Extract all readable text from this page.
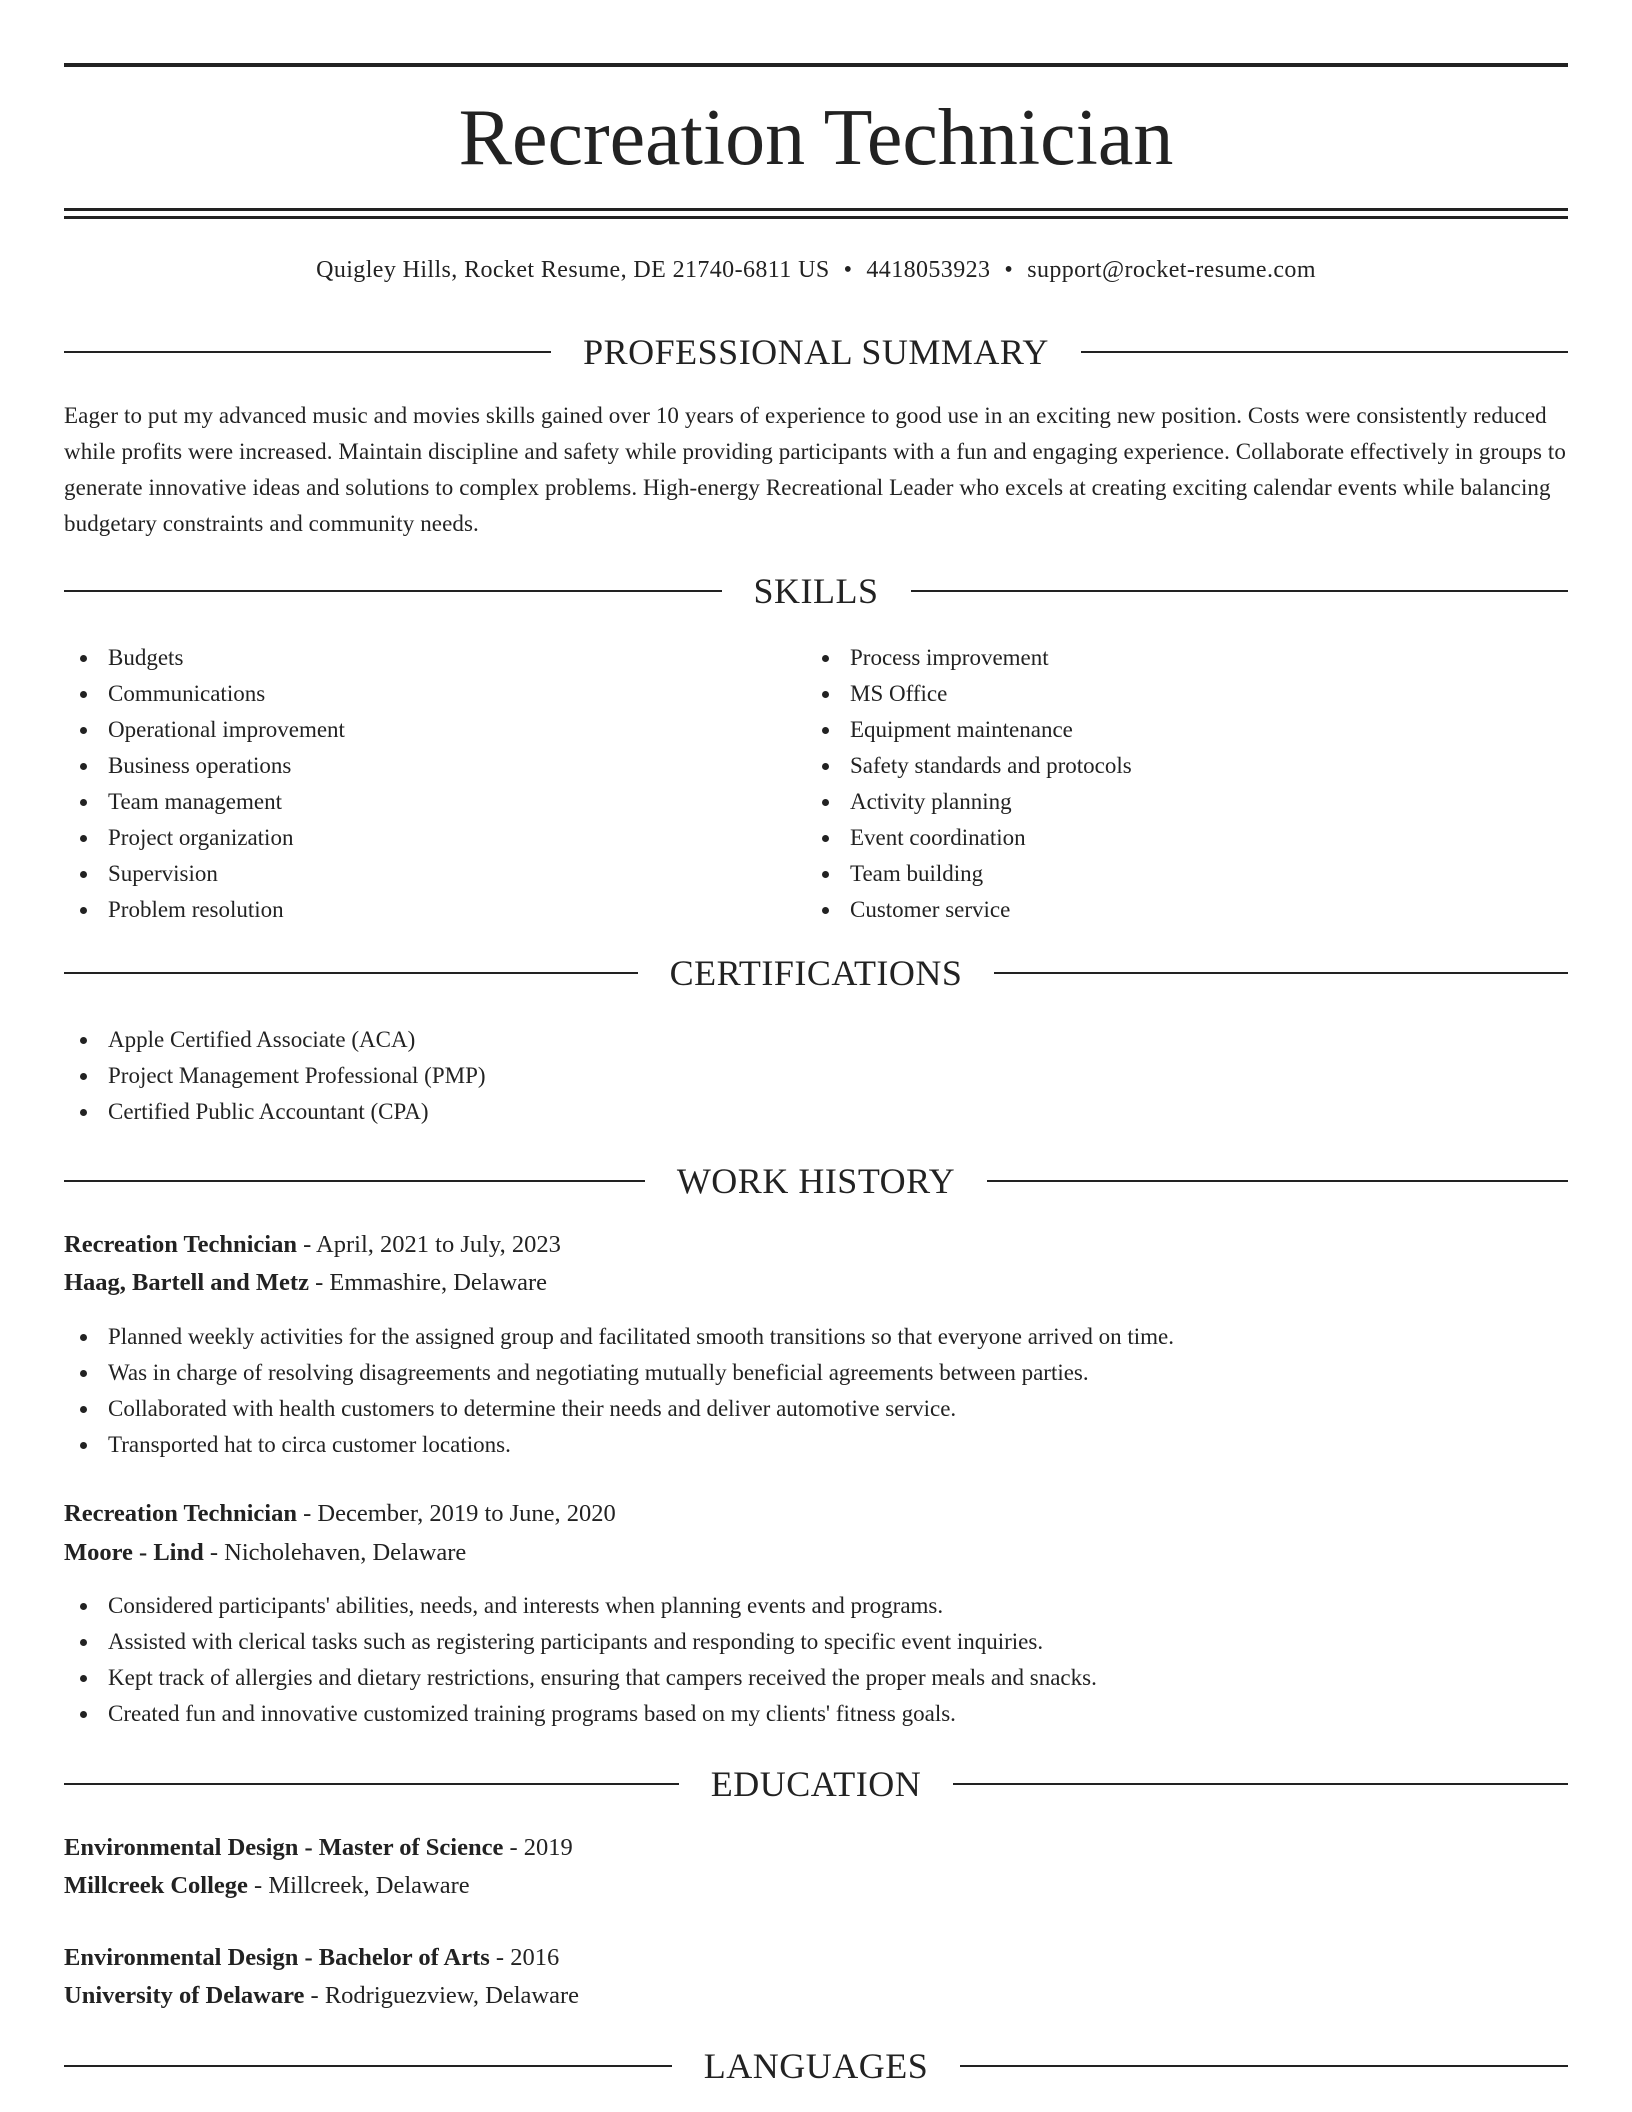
Recreation Technician
Quigley Hills, Rocket Resume, DE 21740-6811 US • 4418053923 • support@rocket-resume.com
PROFESSIONAL SUMMARY

Eager to put my advanced music and movies skills gained over 10 years of experience to good use in an exciting new position. Costs were consistently reduced while profits were increased. Maintain discipline and safety while providing participants with a fun and engaging experience. Collaborate effectively in groups to generate innovative ideas and solutions to complex problems. High-energy Recreational Leader who excels at creating exciting calendar events while balancing budgetary constraints and community needs.

SKILLS
Budgets
Communications
Operational improvement
Business operations
Team management
Project organization
Supervision
Problem resolution
Process improvement
MS Office
Equipment maintenance
Safety standards and protocols
Activity planning
Event coordination
Team building
Customer service
CERTIFICATIONS
Apple Certified Associate (ACA)
Project Management Professional (PMP)
Certified Public Accountant (CPA)
WORK HISTORY
Recreation Technician - April, 2021 to July, 2023
Haag, Bartell and Metz - Emmashire, Delaware
Planned weekly activities for the assigned group and facilitated smooth transitions so that everyone arrived on time.
Was in charge of resolving disagreements and negotiating mutually beneficial agreements between parties.
Collaborated with health customers to determine their needs and deliver automotive service.
Transported hat to circa customer locations.
Recreation Technician - December, 2019 to June, 2020
Moore - Lind - Nicholehaven, Delaware
Considered participants' abilities, needs, and interests when planning events and programs.
Assisted with clerical tasks such as registering participants and responding to specific event inquiries.
Kept track of allergies and dietary restrictions, ensuring that campers received the proper meals and snacks.
Created fun and innovative customized training programs based on my clients' fitness goals.
EDUCATION
Environmental Design - Master of Science - 2019
Millcreek College - Millcreek, Delaware
Environmental Design - Bachelor of Arts - 2016
University of Delaware - Rodriguezview, Delaware
LANGUAGES
